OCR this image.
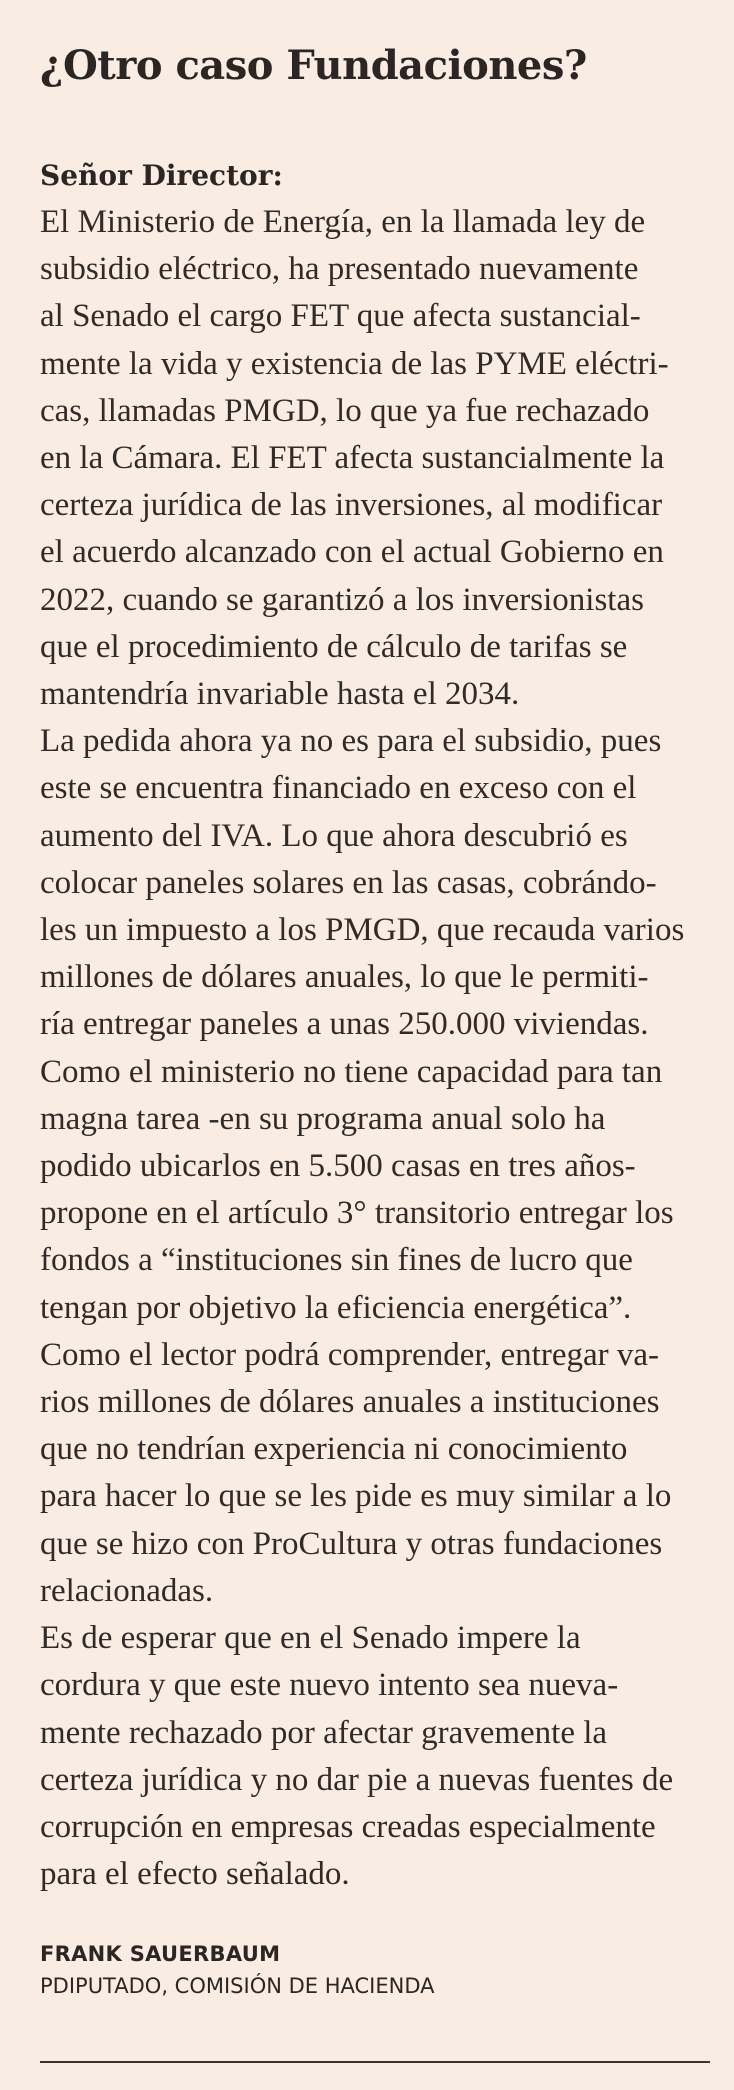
¿Otro caso Fundaciones?
Señor Director:

El Ministerio de Energía, en la llamada ley de
subsidio eléctrico, ha presentado nuevamente
al Senado el cargo FET que afecta sustancial-
mente la vida y existencia de las PYME eléctri-
cas, llamadas PMGD, lo que ya fue rechazado
en la Cámara. El FET afecta sustancialmente la
certeza jurídica de las inversiones, al modificar
el acuerdo alcanzado con el actual Gobierno en
2022, cuando se garantizó a los inversionistas
que el procedimiento de cálculo de tarifas se
mantendría invariable hasta el 2034.

La pedida ahora ya no es para el subsidio, pues
este se encuentra financiado en exceso con el
aumento del IVA. Lo que ahora descubrió es
colocar paneles solares en las casas, cobrándo-
les un impuesto a los PMGD, que recauda varios
millones de dólares anuales, lo que le permiti-
ría entregar paneles a unas 250.000 viviendas.

Como el ministerio no tiene capacidad para tan
magna tarea -en su programa anual solo ha
podido ubicarlos en 5.500 casas en tres años-
propone en el artículo 3° transitorio entregar los
fondos a “instituciones sin fines de lucro que
tengan por objetivo la eficiencia energética”.

Como el lector podrá comprender, entregar va-
rios millones de dólares anuales a instituciones
que no tendrían experiencia ni conocimiento
para hacer lo que se les pide es muy similar a lo
que se hizo con ProCultura y otras fundaciones
relacionadas.

Es de esperar que en el Senado impere la
cordura y que este nuevo intento sea nueva-
mente rechazado por afectar gravemente la
certeza jurídica y no dar pie a nuevas fuentes de
corrupción en empresas creadas especialmente
para el efecto señalado.

FRANK SAUERBAUM
PDIPUTADO, COMISIÓN DE HACIENDA
